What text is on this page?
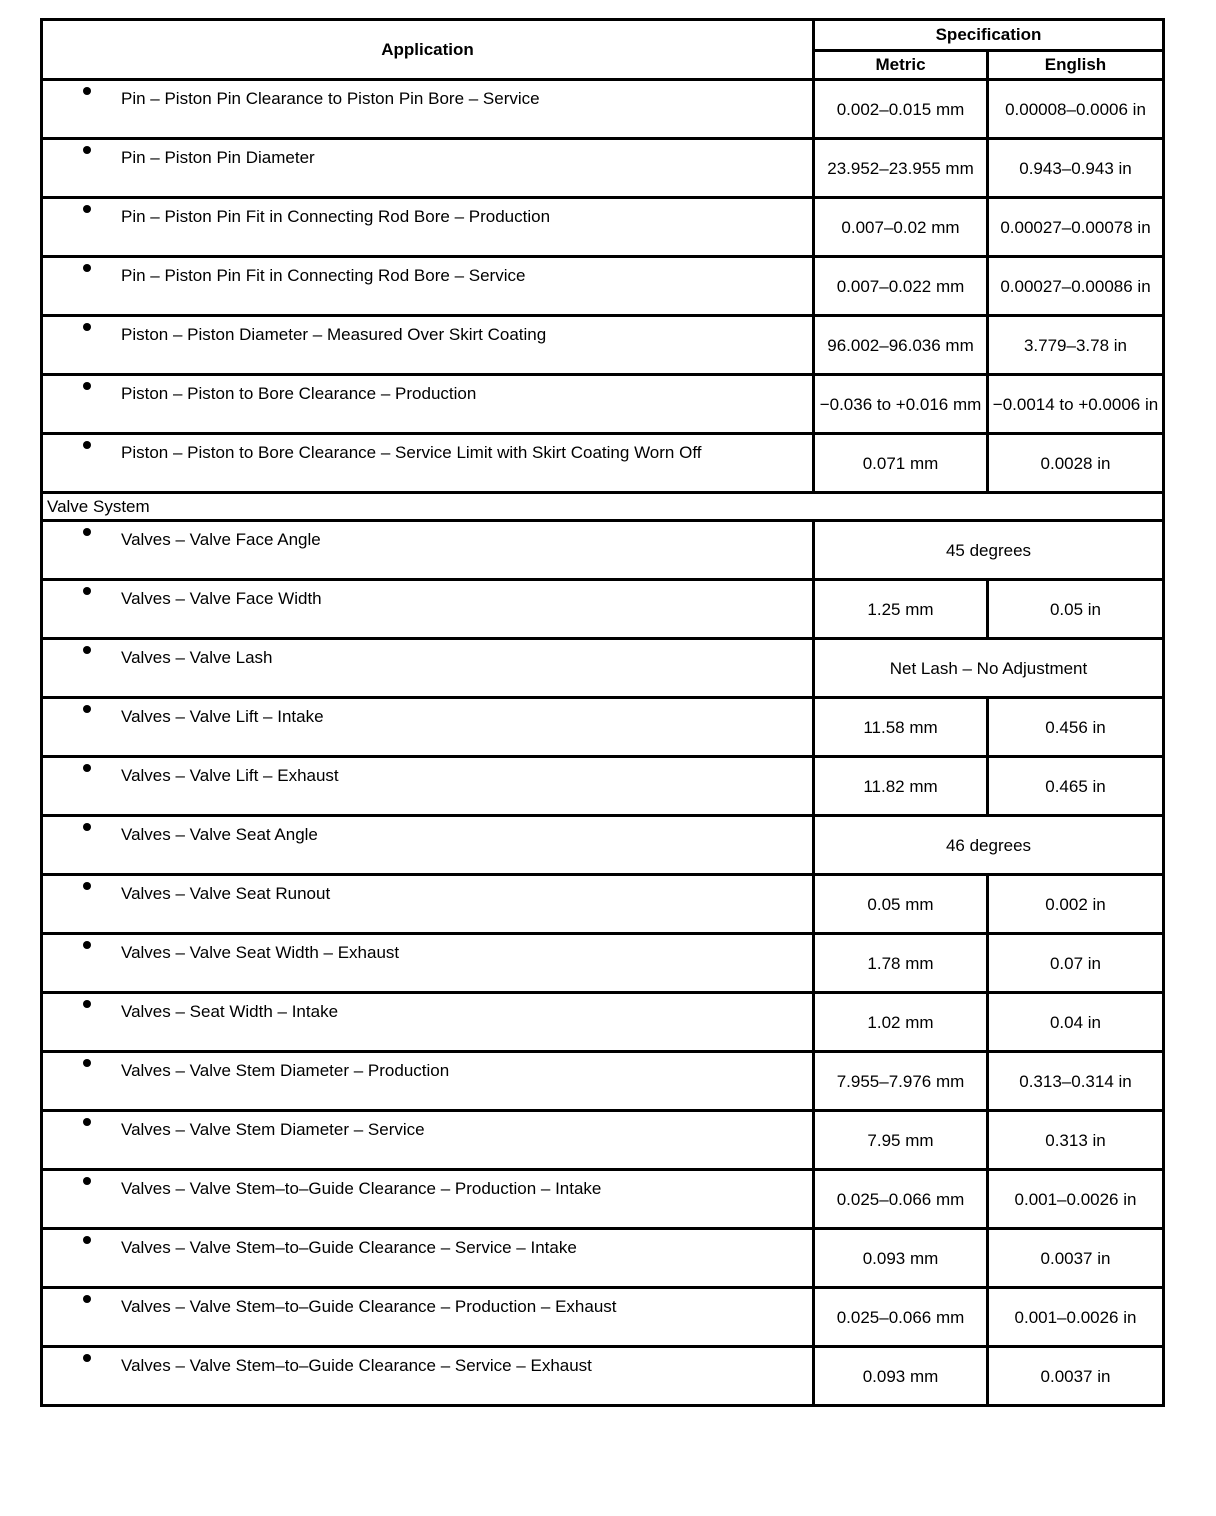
Application	Specification	
	Metric	English

Pin – Piston Pin Clearance to Piston Pin Bore – Service	0.002–0.015 mm	0.00008–0.0006 in

Pin – Piston Pin Diameter	23.952–23.955 mm	0.943–0.943 in

Pin – Piston Pin Fit in Connecting Rod Bore – Production	0.007–0.02 mm	0.00027–0.00078 in

Pin – Piston Pin Fit in Connecting Rod Bore – Service	0.007–0.022 mm	0.00027–0.00086 in

Piston – Piston Diameter – Measured Over Skirt Coating	96.002–96.036 mm	3.779–3.78 in

Piston – Piston to Bore Clearance – Production	−0.036 to +0.016 mm	−0.0014 to +0.0006 in

Piston – Piston to Bore Clearance – Service Limit with Skirt Coating Worn Off	0.071 mm	0.0028 in
Valve System		

Valves – Valve Face Angle	45 degrees	

Valves – Valve Face Width	1.25 mm	0.05 in

Valves – Valve Lash	Net Lash – No Adjustment	

Valves – Valve Lift – Intake	11.58 mm	0.456 in

Valves – Valve Lift – Exhaust	11.82 mm	0.465 in

Valves – Valve Seat Angle	46 degrees	

Valves – Valve Seat Runout	0.05 mm	0.002 in

Valves – Valve Seat Width – Exhaust	1.78 mm	0.07 in

Valves – Seat Width – Intake	1.02 mm	0.04 in

Valves – Valve Stem Diameter – Production	7.955–7.976 mm	0.313–0.314 in

Valves – Valve Stem Diameter – Service	7.95 mm	0.313 in

Valves – Valve Stem–to–Guide Clearance – Production – Intake	0.025–0.066 mm	0.001–0.0026 in

Valves – Valve Stem–to–Guide Clearance – Service – Intake	0.093 mm	0.0037 in

Valves – Valve Stem–to–Guide Clearance – Production – Exhaust	0.025–0.066 mm	0.001–0.0026 in

Valves – Valve Stem–to–Guide Clearance – Service – Exhaust	0.093 mm	0.0037 in
